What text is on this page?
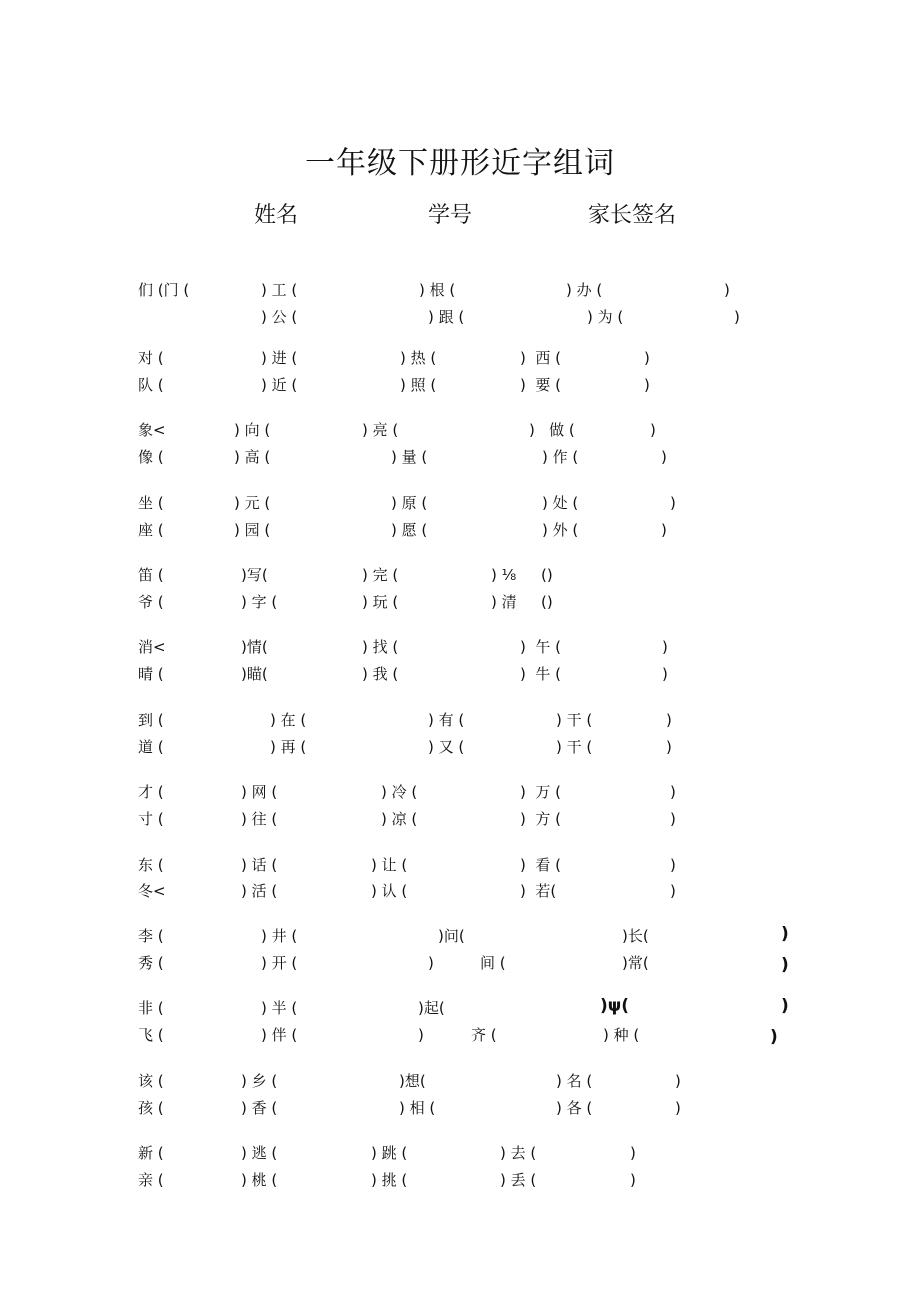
一年级下册形近字组词
姓名	学号	家长签名
们 (门 (	) 工 (	) 根 (	) 办 (	)
) 公 (	) 跟 (	) 为 (	)
对 (	) 进 (	) 热 (	)  西 (	)
队 (	) 近 (	) 照 (	)  要 (	)
象<	) 向 (	) 亮 (	)   做 (	)
像 (	) 高 (	) 量 (	) 作 (	)
坐 (	) 元 (	) 原 (	) 处 (	)
座 (	) 园 (	) 愿 (	) 外 (	)
笛 (	)写(	) 完 (	) ⅛ ()
爷 (	) 字 (	) 玩 (	) 清 ()
消<	)情(	) 找 (	)  午 (	)
晴 (	)瞄(	) 我 (	)  牛 (	)
到 (	) 在 (	) 有 (	) 干 (	)
道 (	) 再 (	) 又 (	) 干 (	)
才 (	) 网 (	) 冷 (	)  万 (	)
寸 (	) 往 (	) 凉 (	)  方 (	)
东 (	) 话 (	) 让 (	)  看 (	)
冬<	) 活 (	) 认 (	)  若(	)
李 (	) 井 (	)问(	)长(	)
秀 (	) 开 (	)	间 (	)常(	)
非 (	) 半 (	)起(	)ψ(	)
飞 (	) 伴 (	)	齐 (	) 种 (	)
该 (	) 乡 (	)想(	) 名 (	)
孩 (	) 香 (	) 相 (	) 各 (	)
新 (	) 逃 (	) 跳 (	) 去 (	)
亲 (	) 桃 (	) 挑 (	) 丢 (	)
